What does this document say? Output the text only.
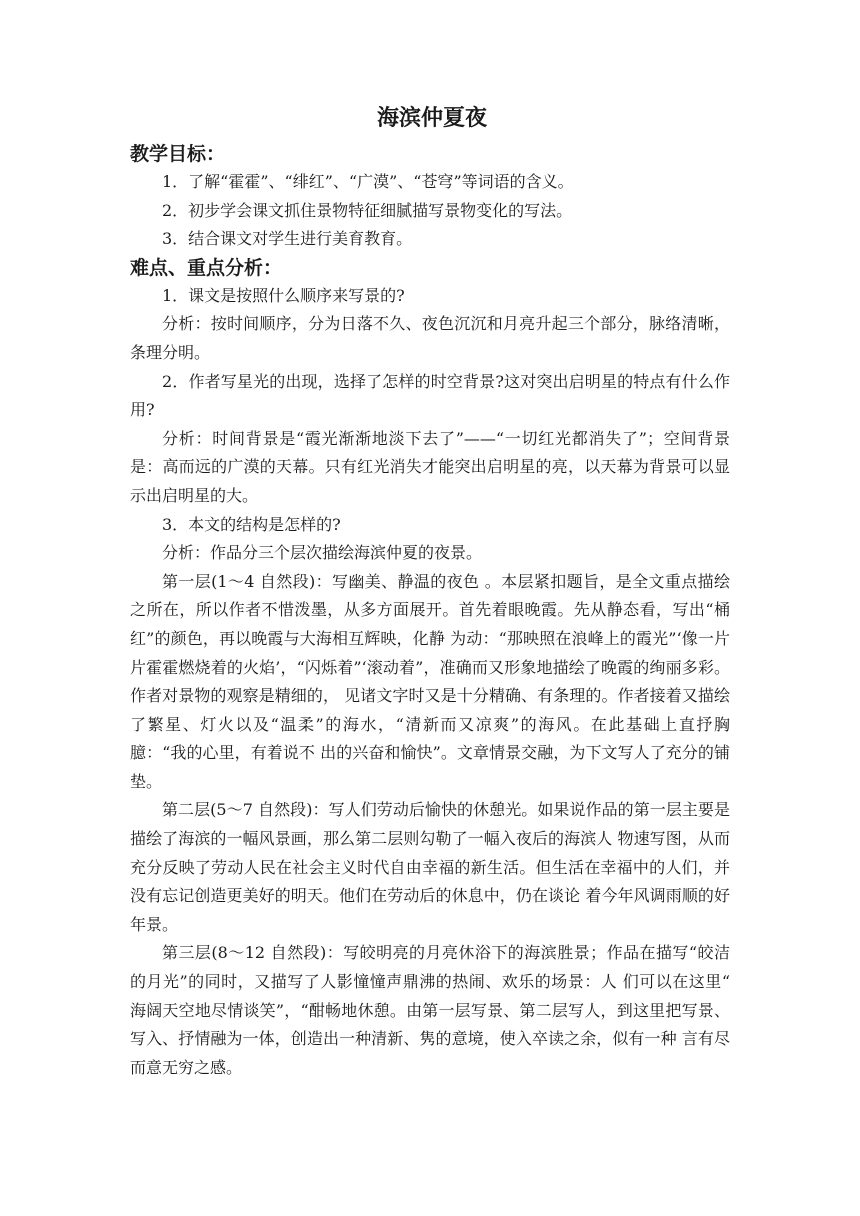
海滨仲夏夜
教学目标：

1．了解“霍霍”、“绯红”、“广漠”、“苍穹”等词语的含义。

2．初步学会课文抓住景物特征细腻描写景物变化的写法。

3．结合课文对学生进行美育教育。

难点、重点分析：

1．课文是按照什么顺序来写景的?

分析：按时间顺序，分为日落不久、夜色沉沉和月亮升起三个部分，脉络清晰，条理分明。

2．作者写星光的出现，选择了怎样的时空背景?这对突出启明星的特点有什么作用?

分析：时间背景是“霞光渐渐地淡下去了”——“一切红光都消失了”；空间背景是：高而远的广漠的天幕。只有红光消失才能突出启明星的亮，以天幕为背景可以显示出启明星的大。

3．本文的结构是怎样的?

分析：作品分三个层次描绘海滨仲夏的夜景。

第一层(1～4 自然段)：写幽美、静温的夜色 。本层紧扣题旨，是全文重点描绘之所在，所以作者不惜泼墨，从多方面展开。首先着眼晚霞。先从静态看，写出“桶红”的颜色，再以晚霞与大海相互辉映，化静 为动：“那映照在浪峰上的霞光”‘像一片片霍霍燃烧着的火焰’，“闪烁着”‘滚动着”，准确而又形象地描绘了晚霞的绚丽多彩。作者对景物的观察是精细的， 见诸文字时又是十分精确、有条理的。作者接着又描绘了繁星、灯火以及“温柔”的海水，“清新而又凉爽”的海风。在此基础上直抒胸臆：“我的心里，有着说不 出的兴奋和愉快”。文章情景交融，为下文写人了充分的铺垫。

第二层(5～7 自然段)：写人们劳动后愉快的休憩光。如果说作品的第一层主要是描绘了海滨的一幅风景画，那么第二层则勾勒了一幅入夜后的海滨人 物速写图，从而充分反映了劳动人民在社会主义时代自由幸福的新生活。但生活在幸福中的人们，并没有忘记创造更美好的明天。他们在劳动后的休息中，仍在谈论 着今年风调雨顺的好年景。

第三层(8～12 自然段)：写皎明亮的月亮休浴下的海滨胜景；作品在描写“皎洁的月光”的同时，又描写了人影憧憧声鼎沸的热闹、欢乐的场景：人 们可以在这里“ 海阔天空地尽情谈笑”，“酣畅地休憩。由第一层写景、第二层写人，到这里把写景、写入、抒情融为一体，创造出一种清新、隽的意境，使入卒读之余，似有一种 言有尽而意无穷之感。
